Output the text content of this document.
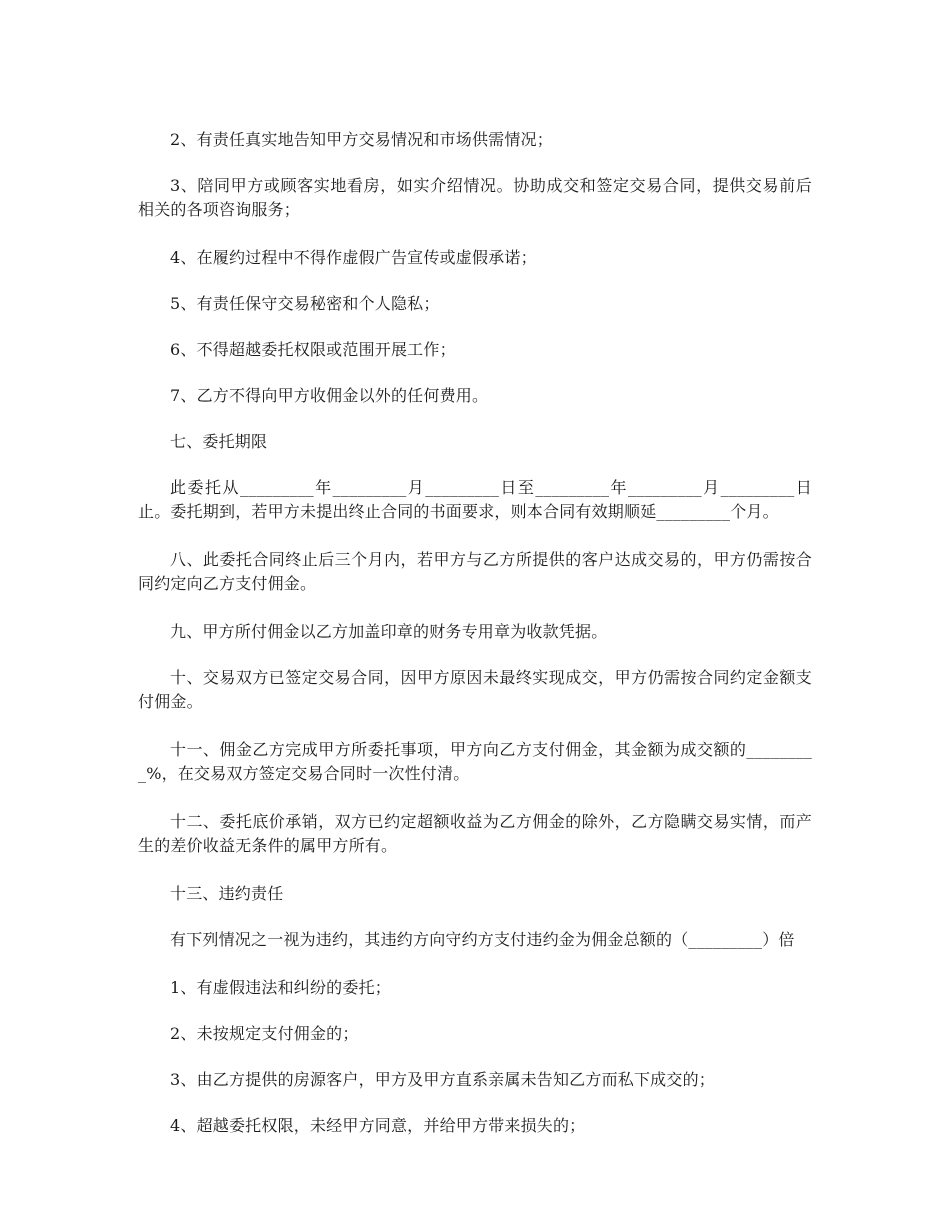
2、有责任真实地告知甲方交易情况和市场供需情况；

3、陪同甲方或顾客实地看房，如实介绍情况。协助成交和签定交易合同，提供交易前后相关的各项咨询服务；

4、在履约过程中不得作虚假广告宣传或虚假承诺；

5、有责任保守交易秘密和个人隐私；

6、不得超越委托权限或范围开展工作；

7、乙方不得向甲方收佣金以外的任何费用。

七、委托期限

此委托从_________年_________月_________日至_________年_________月_________日止。委托期到，若甲方未提出终止合同的书面要求，则本合同有效期顺延_________个月。

八、此委托合同终止后三个月内，若甲方与乙方所提供的客户达成交易的，甲方仍需按合同约定向乙方支付佣金。

九、甲方所付佣金以乙方加盖印章的财务专用章为收款凭据。

十、交易双方已签定交易合同，因甲方原因未最终实现成交，甲方仍需按合同约定金额支付佣金。

十一、佣金乙方完成甲方所委托事项，甲方向乙方支付佣金，其金额为成交额的_________%，在交易双方签定交易合同时一次性付清。

十二、委托底价承销，双方已约定超额收益为乙方佣金的除外，乙方隐瞒交易实情，而产生的差价收益无条件的属甲方所有。

十三、违约责任

有下列情况之一视为违约，其违约方向守约方支付违约金为佣金总额的（_________）倍

1、有虚假违法和纠纷的委托；

2、未按规定支付佣金的；

3、由乙方提供的房源客户，甲方及甲方直系亲属未告知乙方而私下成交的；

4、超越委托权限，未经甲方同意，并给甲方带来损失的；
